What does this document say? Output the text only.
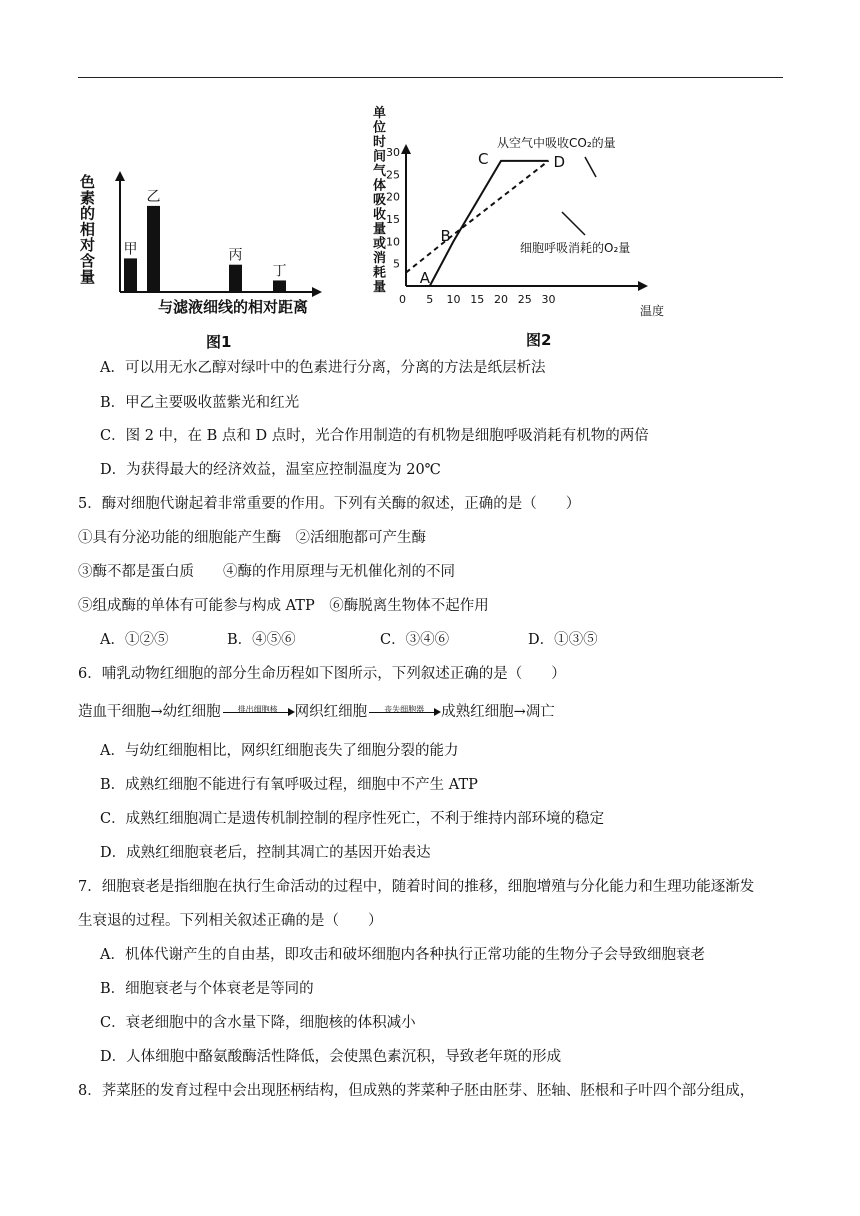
色素的相对含量
甲
乙
丙
丁
与滤液细线的相对距离
图1
单位时间气体吸收量或消耗量
5 10 15 20 25 30
5
10
15
20
25
30
A
B
C	D
0
温度
从空气中吸收CO₂的量
细胞呼吸消耗的O₂量
图2
A．可以用无水乙醇对绿叶中的色素进行分离，分离的方法是纸层析法
B．甲乙主要吸收蓝紫光和红光
C．图 2 中，在 B 点和 D 点时，光合作用制造的有机物是细胞呼吸消耗有机物的两倍
D．为获得最大的经济效益，温室应控制温度为 20℃
5．酶对细胞代谢起着非常重要的作用。下列有关酶的叙述，正确的是（　　）
①具有分泌功能的细胞能产生酶　②活细胞都可产生酶
③酶不都是蛋白质　　④酶的作用原理与无机催化剂的不同
⑤组成酶的单体有可能参与构成 ATP　⑥酶脱离生物体不起作用
A．①②⑤	B．④⑤⑥	C．③④⑥	D．①③⑤
6．哺乳动物红细胞的部分生命历程如下图所示，下列叙述正确的是（　　）
造血干细胞→幼红细胞	排出细胞核	网织红细胞	丧失细胞器	成熟红细胞→凋亡
A．与幼红细胞相比，网织红细胞丧失了细胞分裂的能力
B．成熟红细胞不能进行有氧呼吸过程，细胞中不产生 ATP
C．成熟红细胞凋亡是遗传机制控制的程序性死亡，不利于维持内部环境的稳定
D．成熟红细胞衰老后，控制其凋亡的基因开始表达
7．细胞衰老是指细胞在执行生命活动的过程中，随着时间的推移，细胞增殖与分化能力和生理功能逐渐发
生衰退的过程。下列相关叙述正确的是（　　）
A．机体代谢产生的自由基，即攻击和破坏细胞内各种执行正常功能的生物分子会导致细胞衰老
B．细胞衰老与个体衰老是等同的
C．衰老细胞中的含水量下降，细胞核的体积减小
D．人体细胞中酪氨酸酶活性降低，会使黑色素沉积，导致老年斑的形成
8．荠菜胚的发育过程中会出现胚柄结构，但成熟的荠菜种子胚由胚芽、胚轴、胚根和子叶四个部分组成，
